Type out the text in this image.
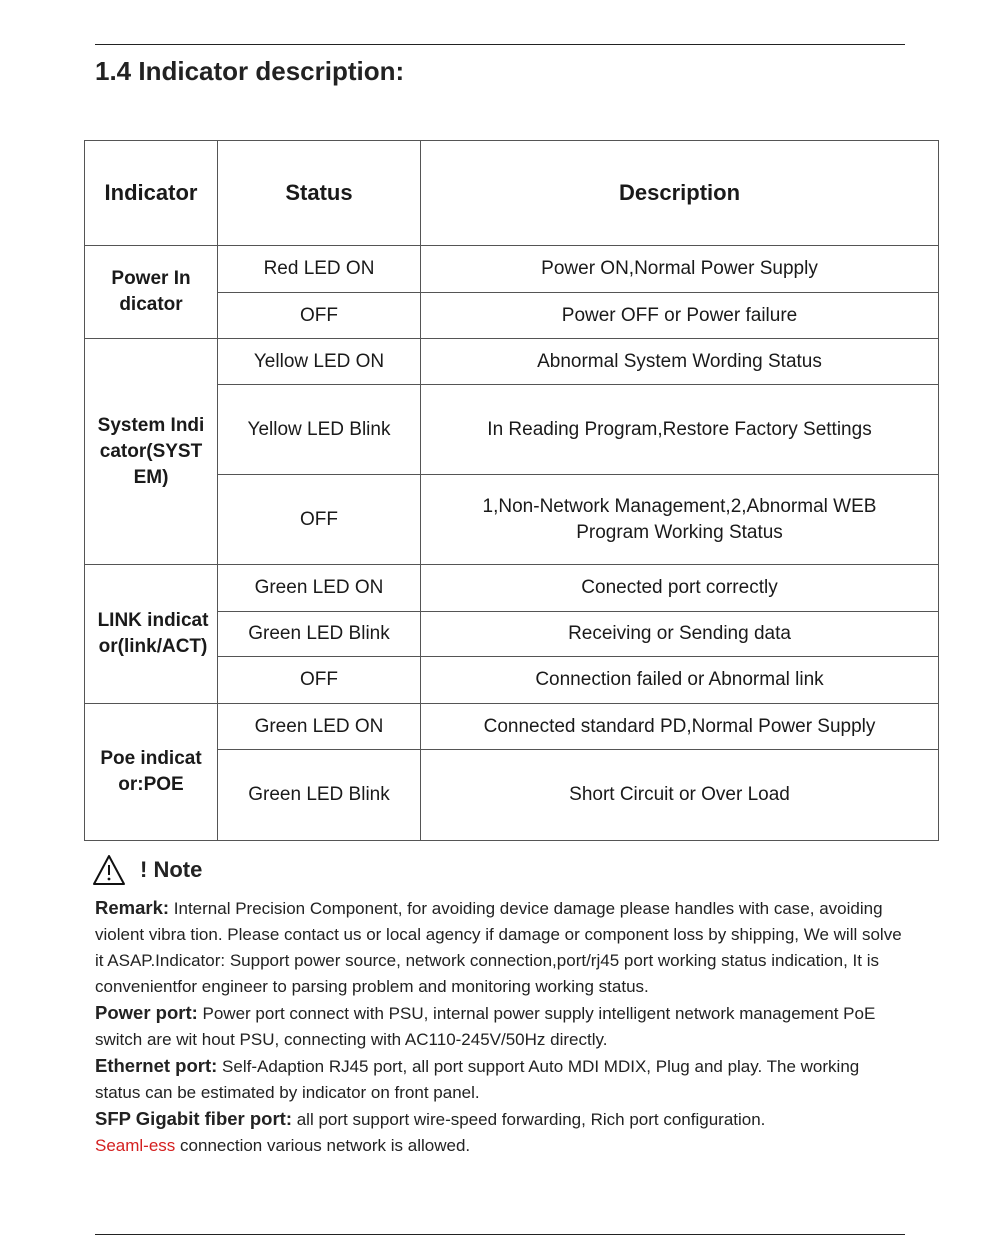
1.4 Indicator description:
Indicator	Status	Description
Power Indicator	Red LED ON	Power ON,Normal Power Supply
	OFF	Power OFF or Power failure
System Indicator(SYSTEM)	Yellow LED ON	Abnormal System Wording Status
	Yellow LED Blink	In Reading Program,Restore Factory Settings
	OFF	1,Non-Network Management,2,Abnormal WEB Program Working Status
LINK indicator(link/ACT)	Green LED ON	Conected port correctly
	Green LED Blink	Receiving or Sending data
	OFF	Connection failed or Abnormal link
Poe indicator:POE	Green LED ON	Connected standard PD,Normal Power Supply
	Green LED Blink	Short Circuit or Over Load
! Note

Remark: Internal Precision Component, for avoiding device damage please handles with case, avoiding violent vibra tion. Please contact us or local agency if damage or component loss by shipping, We will solve it ASAP.Indicator: Support power source, network connection,port/rj45 port working status indication, It is convenientfor engineer to parsing problem and monitoring working status.

Power port: Power port connect with PSU, internal power supply intelligent network management PoE switch are wit hout PSU, connecting with AC110-245V/50Hz directly.

Ethernet port: Self-Adaption RJ45 port, all port support Auto MDI MDIX, Plug and play. The working status can be estimated by indicator on front panel.

SFP Gigabit fiber port: all port support wire-speed forwarding, Rich port configuration.

Seaml-ess connection various network is allowed.
